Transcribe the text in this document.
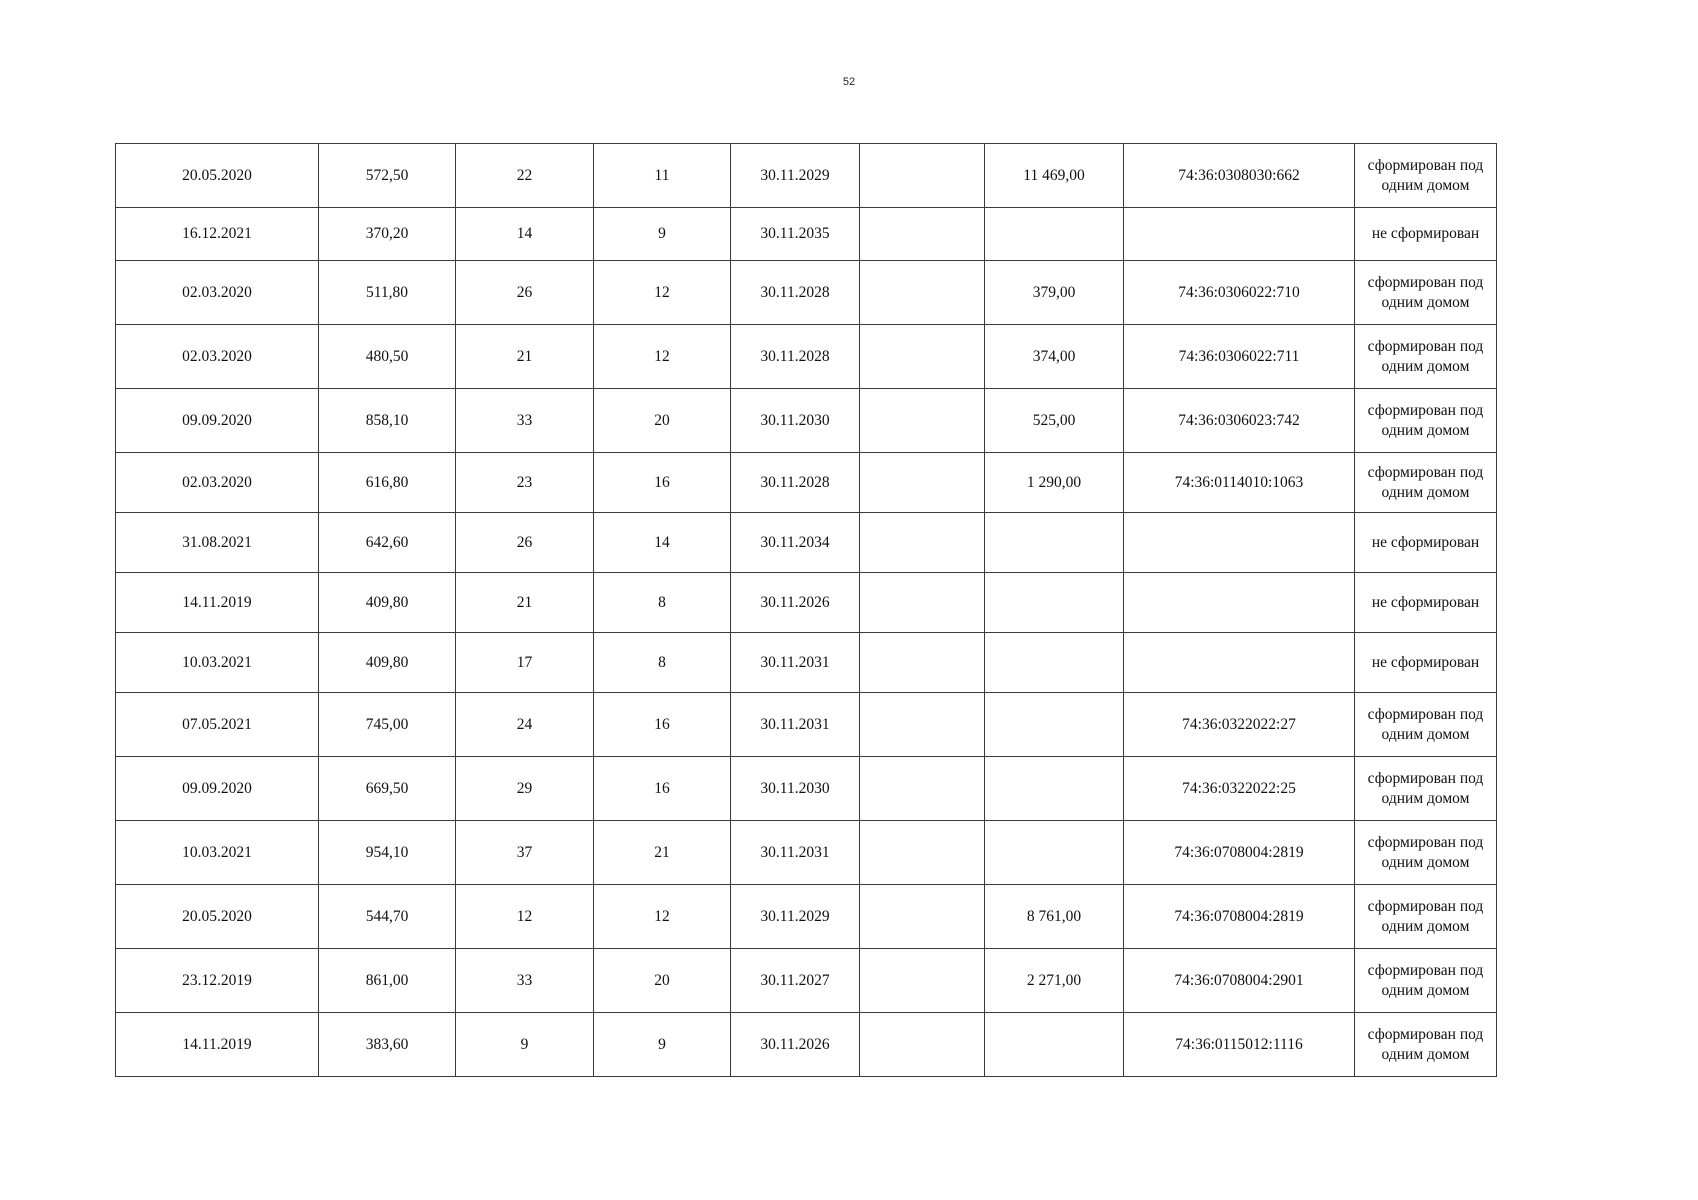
52
20.05.2020	572,50	22	11	30.11.2029		11 469,00	74:36:0308030:662	сформирован под одним домом
16.12.2021	370,20	14	9	30.11.2035				не сформирован
02.03.2020	511,80	26	12	30.11.2028		379,00	74:36:0306022:710	сформирован под одним домом
02.03.2020	480,50	21	12	30.11.2028		374,00	74:36:0306022:711	сформирован под одним домом
09.09.2020	858,10	33	20	30.11.2030		525,00	74:36:0306023:742	сформирован под одним домом
02.03.2020	616,80	23	16	30.11.2028		1 290,00	74:36:0114010:1063	сформирован под одним домом
31.08.2021	642,60	26	14	30.11.2034				не сформирован
14.11.2019	409,80	21	8	30.11.2026				не сформирован
10.03.2021	409,80	17	8	30.11.2031				не сформирован
07.05.2021	745,00	24	16	30.11.2031			74:36:0322022:27	сформирован под одним домом
09.09.2020	669,50	29	16	30.11.2030			74:36:0322022:25	сформирован под одним домом
10.03.2021	954,10	37	21	30.11.2031			74:36:0708004:2819	сформирован под одним домом
20.05.2020	544,70	12	12	30.11.2029		8 761,00	74:36:0708004:2819	сформирован под одним домом
23.12.2019	861,00	33	20	30.11.2027		2 271,00	74:36:0708004:2901	сформирован под одним домом
14.11.2019	383,60	9	9	30.11.2026			74:36:0115012:1116	сформирован под одним домом
